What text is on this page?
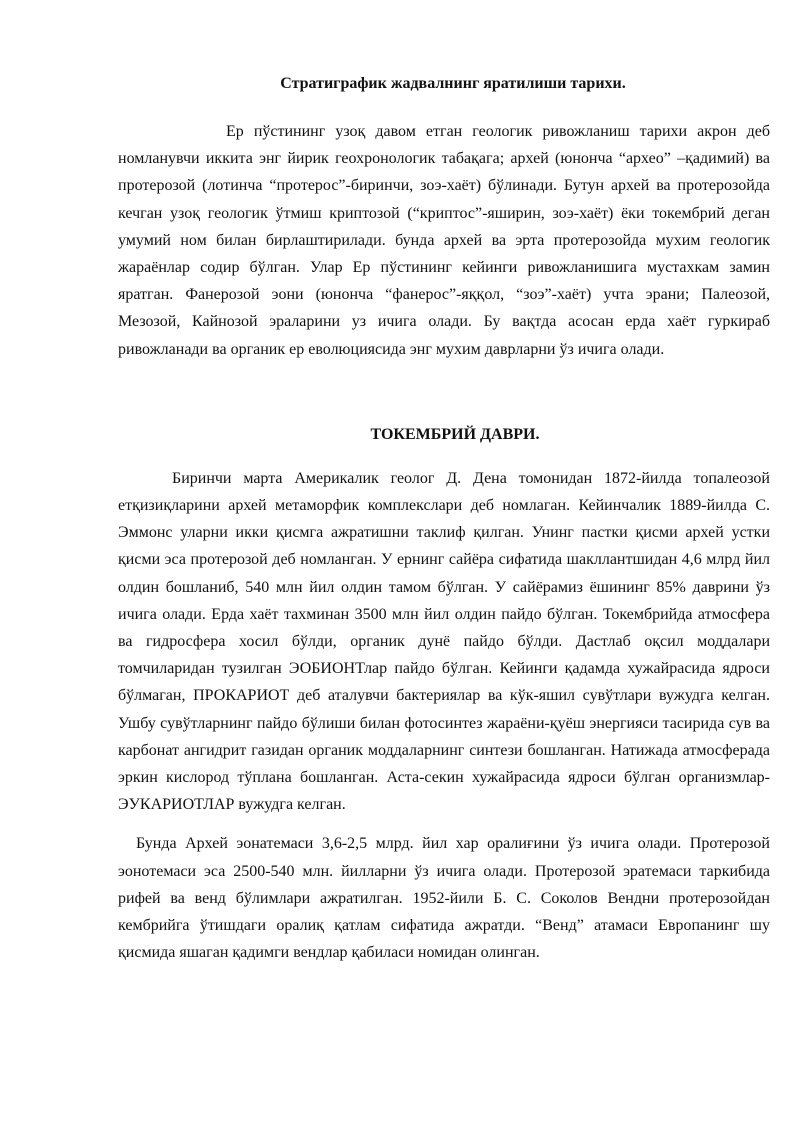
Стратиграфик жадвалнинг яратилиши тарихи.

Ер пўстининг узоқ давом етган геологик ривожланиш тарихи акрон деб номланувчи иккита энг йирик геохронологик табақага; архей (юнонча “архео” –қадимий) ва протерозой (лотинча “протерос”-биринчи, зоэ-хаёт) бўлинади. Бутун архей ва протерозойда кечган узоқ геологик ўтмиш криптозой (“криптос”-яширин, зоэ-хаёт) ёки токембрий деган умумий ном билан бирлаштирилади. бунда архей ва эрта протерозойда мухим геологик жараёнлар содир бўлган. Улар Ер пўстининг кейинги ривожланишига мустахкам замин яратган. Фанерозой эони (юнонча “фанерос”-яққол, “зоэ”-хаёт) учта эрани; Палеозой, Мезозой, Кайнозой эраларини уз ичига олади. Бу вақтда асосан ерда хаёт гуркираб ривожланади ва органик ер еволюциясида энг мухим даврларни ўз ичига олади.

ТОКЕМБРИЙ ДАВРИ.

Биринчи марта Америкалик геолог Д. Дена томонидан 1872-йилда топалеозой етқизиқларини архей метаморфик комплекслари деб номлаган. Кейинчалик 1889-йилда С. Эммонс уларни икки қисмга ажратишни таклиф қилган. Унинг пастки қисми архей устки қисми эса протерозой деб номланган. У ернинг сайёра сифатида шакллантшидан 4,6 млрд йил олдин бошланиб, 540 млн йил олдин тамом бўлган. У сайёрамиз ёшининг 85% даврини ўз ичига олади. Ерда хаёт тахминан 3500 млн йил олдин пайдо бўлган. Токембрийда атмосфера ва гидросфера хосил бўлди, органик дунё пайдо бўлди. Дастлаб оқсил моддалари томчиларидан тузилган ЭОБИОНТлар пайдо бўлган. Кейинги қадамда хужайрасида ядроси бўлмаган, ПРОКАРИОТ деб аталувчи бактериялар ва кўк-яшил сувўтлари вужудга келган. Ушбу сувўтларнинг пайдо бўлиши билан фотосинтез жараёни-қуёш энергияси тасирида сув ва карбонат ангидрит газидан органик моддаларнинг синтези бошланган. Натижада атмосферада эркин кислород тўплана бошланган. Аста-секин хужайрасида ядроси бўлган организмлар- ЭУКАРИОТЛАР вужудга келган.

Бунда Архей эонатемаси 3,6-2,5 млрд. йил хар оралиғини ўз ичига олади. Протерозой эонотемаси эса 2500-540 млн. йилларни ўз ичига олади. Протерозой эратемаси таркибида рифей ва венд бўлимлари ажратилган. 1952-йили Б. С. Соколов Вендни протерозойдан кембрийга ўтишдаги оралиқ қатлам сифатида ажратди. “Венд” атамаси Европанинг шу қисмида яшаган қадимги вендлар қабиласи номидан олинган.
